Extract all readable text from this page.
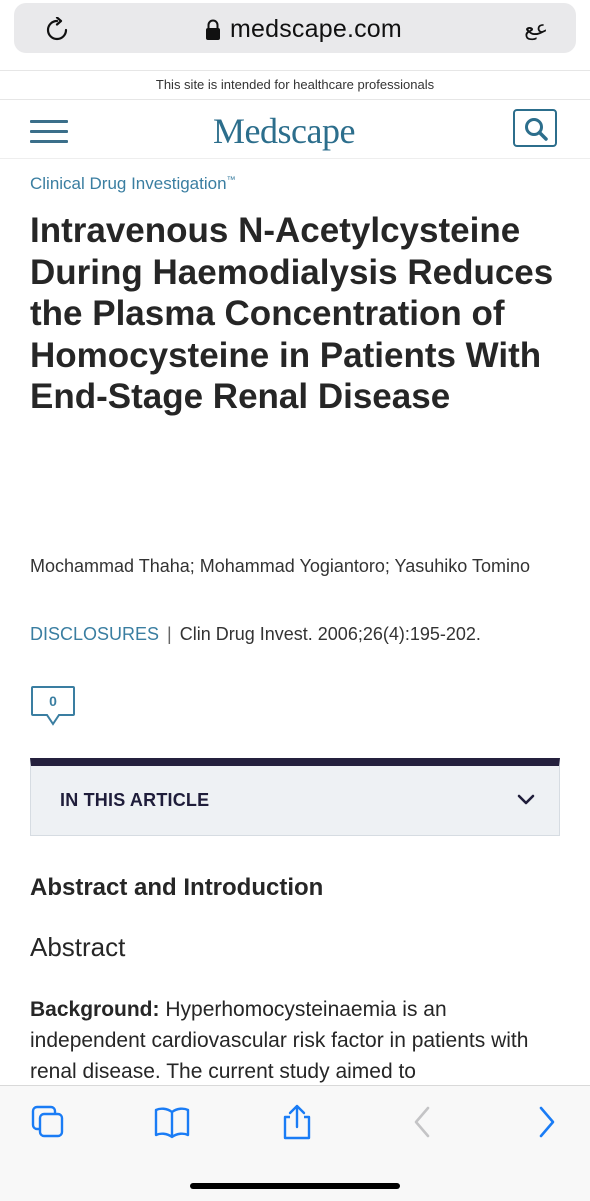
medscape.com	عع
This site is intended for healthcare professionals
Medscape
Clinical Drug Investigation™
Intravenous N-Acetylcysteine During Haemodialysis Reduces the Plasma Concentration of Homocysteine in Patients With End-Stage Renal Disease
Mochammad Thaha; Mohammad Yogiantoro; Yasuhiko Tomino
DISCLOSURES | Clin Drug Invest. 2006;26(4):195-202.
0
IN THIS ARTICLE
Abstract and Introduction
Abstract
Background: Hyperhomocysteinaemia is an independent cardiovascular risk factor in patients with renal disease. The current study aimed to
